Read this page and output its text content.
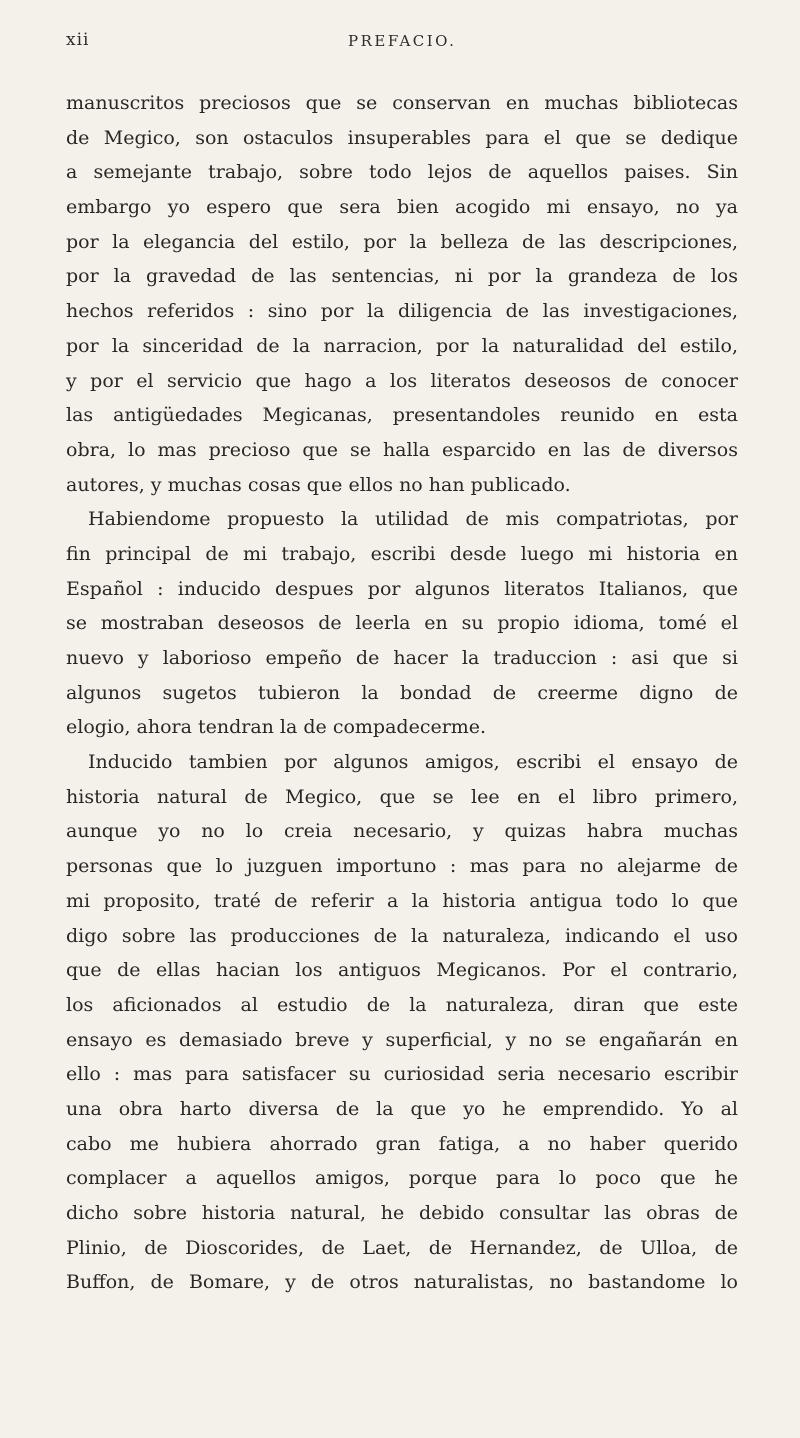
xii	PREFACIO.
manuscritos preciosos que se conservan en muchas bibliotecas
de Megico, son ostaculos insuperables para el que se dedique
a semejante trabajo, sobre todo lejos de aquellos paises. Sin
embargo yo espero que sera bien acogido mi ensayo, no ya
por la elegancia del estilo, por la belleza de las descripciones,
por la gravedad de las sentencias, ni por la grandeza de los
hechos referidos : sino por la diligencia de las investigaciones,
por la sinceridad de la narracion, por la naturalidad del estilo,
y por el servicio que hago a los literatos deseosos de conocer
las antigüedades Megicanas, presentandoles reunido en esta
obra, lo mas precioso que se halla esparcido en las de diversos
autores, y muchas cosas que ellos no han publicado.
Habiendome propuesto la utilidad de mis compatriotas, por
fin principal de mi trabajo, escribi desde luego mi historia en
Español : inducido despues por algunos literatos Italianos, que
se mostraban deseosos de leerla en su propio idioma, tomé el
nuevo y laborioso empeño de hacer la traduccion : asi que si
algunos sugetos tubieron la bondad de creerme digno de
elogio, ahora tendran la de compadecerme.
Inducido tambien por algunos amigos, escribi el ensayo de
historia natural de Megico, que se lee en el libro primero,
aunque yo no lo creia necesario, y quizas habra muchas
personas que lo juzguen importuno : mas para no alejarme de
mi proposito, traté de referir a la historia antigua todo lo que
digo sobre las producciones de la naturaleza, indicando el uso
que de ellas hacian los antiguos Megicanos. Por el contrario,
los aficionados al estudio de la naturaleza, diran que este
ensayo es demasiado breve y superficial, y no se engañarán en
ello : mas para satisfacer su curiosidad seria necesario escribir
una obra harto diversa de la que yo he emprendido. Yo al
cabo me hubiera ahorrado gran fatiga, a no haber querido
complacer a aquellos amigos, porque para lo poco que he
dicho sobre historia natural, he debido consultar las obras de
Plinio, de Dioscorides, de Laet, de Hernandez, de Ulloa, de
Buffon, de Bomare, y de otros naturalistas, no bastandome lo
